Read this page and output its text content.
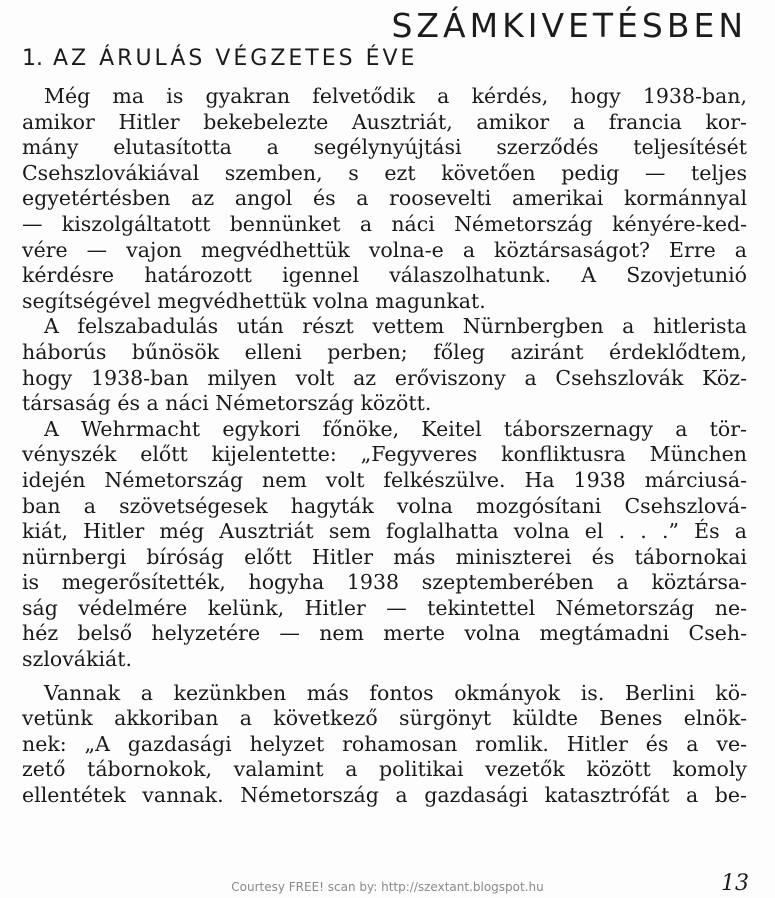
SZÁMKIVETÉSBEN
1. AZ ÁRULÁS VÉGZETES ÉVE
Még ma is gyakran felvetődik a kérdés, hogy 1938-ban,
amikor Hitler bekebelezte Ausztriát, amikor a francia kor-
mány elutasította a segélynyújtási szerződés teljesítését
Csehszlovákiával szemben, s ezt követően pedig — teljes
egyetértésben az angol és a roosevelti amerikai kormánnyal
— kiszolgáltatott bennünket a náci Németország kényére-ked-
vére — vajon megvédhettük volna-e a köztársaságot? Erre a
kérdésre határozott igennel válaszolhatunk. A Szovjetunió
segítségével megvédhettük volna magunkat.
A felszabadulás után részt vettem Nürnbergben a hitlerista
háborús bűnösök elleni perben; főleg aziránt érdeklődtem,
hogy 1938-ban milyen volt az erőviszony a Csehszlovák Köz-
társaság és a náci Németország között.
A Wehrmacht egykori főnöke, Keitel táborszernagy a tör-
vényszék előtt kijelentette: „Fegyveres konfliktusra München
idején Németország nem volt felkészülve. Ha 1938 márciusá-
ban a szövetségesek hagyták volna mozgósítani Csehszlová-
kiát, Hitler még Ausztriát sem foglalhatta volna el . . .” És a
nürnbergi bíróság előtt Hitler más miniszterei és tábornokai
is megerősítették, hogyha 1938 szeptemberében a köztársa-
ság védelmére kelünk, Hitler — tekintettel Németország ne-
héz belső helyzetére — nem merte volna megtámadni Cseh-
szlovákiát.
Vannak a kezünkben más fontos okmányok is. Berlini kö-
vetünk akkoriban a következő sürgönyt küldte Benes elnök-
nek: „A gazdasági helyzet rohamosan romlik. Hitler és a ve-
zető tábornokok, valamint a politikai vezetők között komoly
ellentétek vannak. Németország a gazdasági katasztrófát a be-
Courtesy FREE! scan by: http://szextant.blogspot.hu	13
